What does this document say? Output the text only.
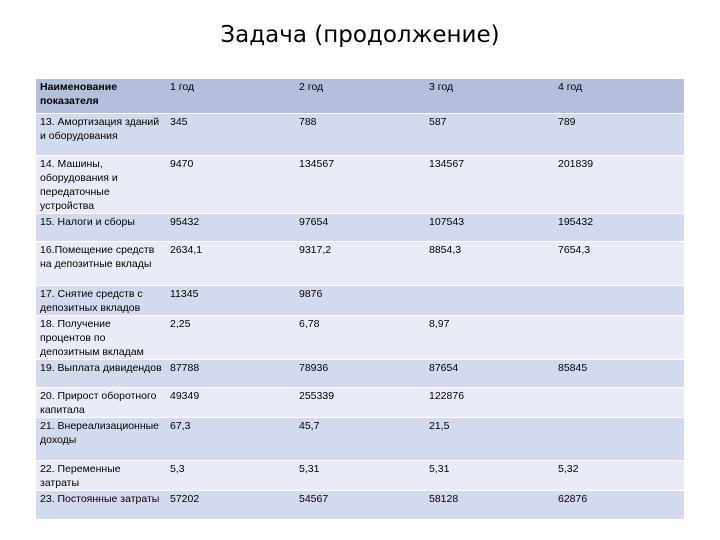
Задача (продолжение)
Наименование показателя	1 год	2 год	3 год	4 год
13. Амортизация зданий и оборудования	345	788	587	789
14. Машины, оборудования и передаточные устройства	9470	134567	134567	201839
15. Налоги и сборы	95432	97654	107543	195432
16.Помещение средств на депозитные вклады	2634,1	9317,2	8854,3	7654,3
17. Снятие средств с депозитных вкладов	11345	9876		
18. Получение процентов по депозитным вкладам	2,25	6,78	8,97	
19. Выплата дивидендов	87788	78936	87654	85845
20. Прирост оборотного капитала	49349	255339	122876	
21. Внереализационные доходы	67,3	45,7	21,5	
22. Переменные затраты	5,3	5,31	5,31	5,32
23. Постоянные затраты	57202	54567	58128	62876
